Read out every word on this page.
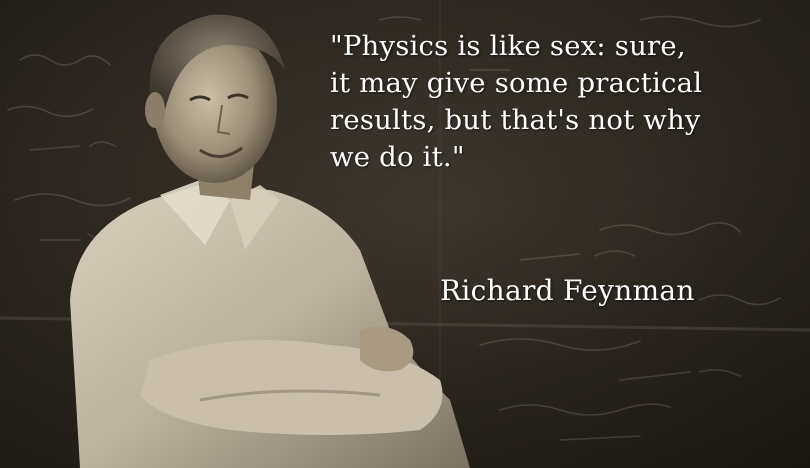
"Physics is like sex: sure,
it may give some practical
results, but that's not why
we do it."

Richard Feynman
